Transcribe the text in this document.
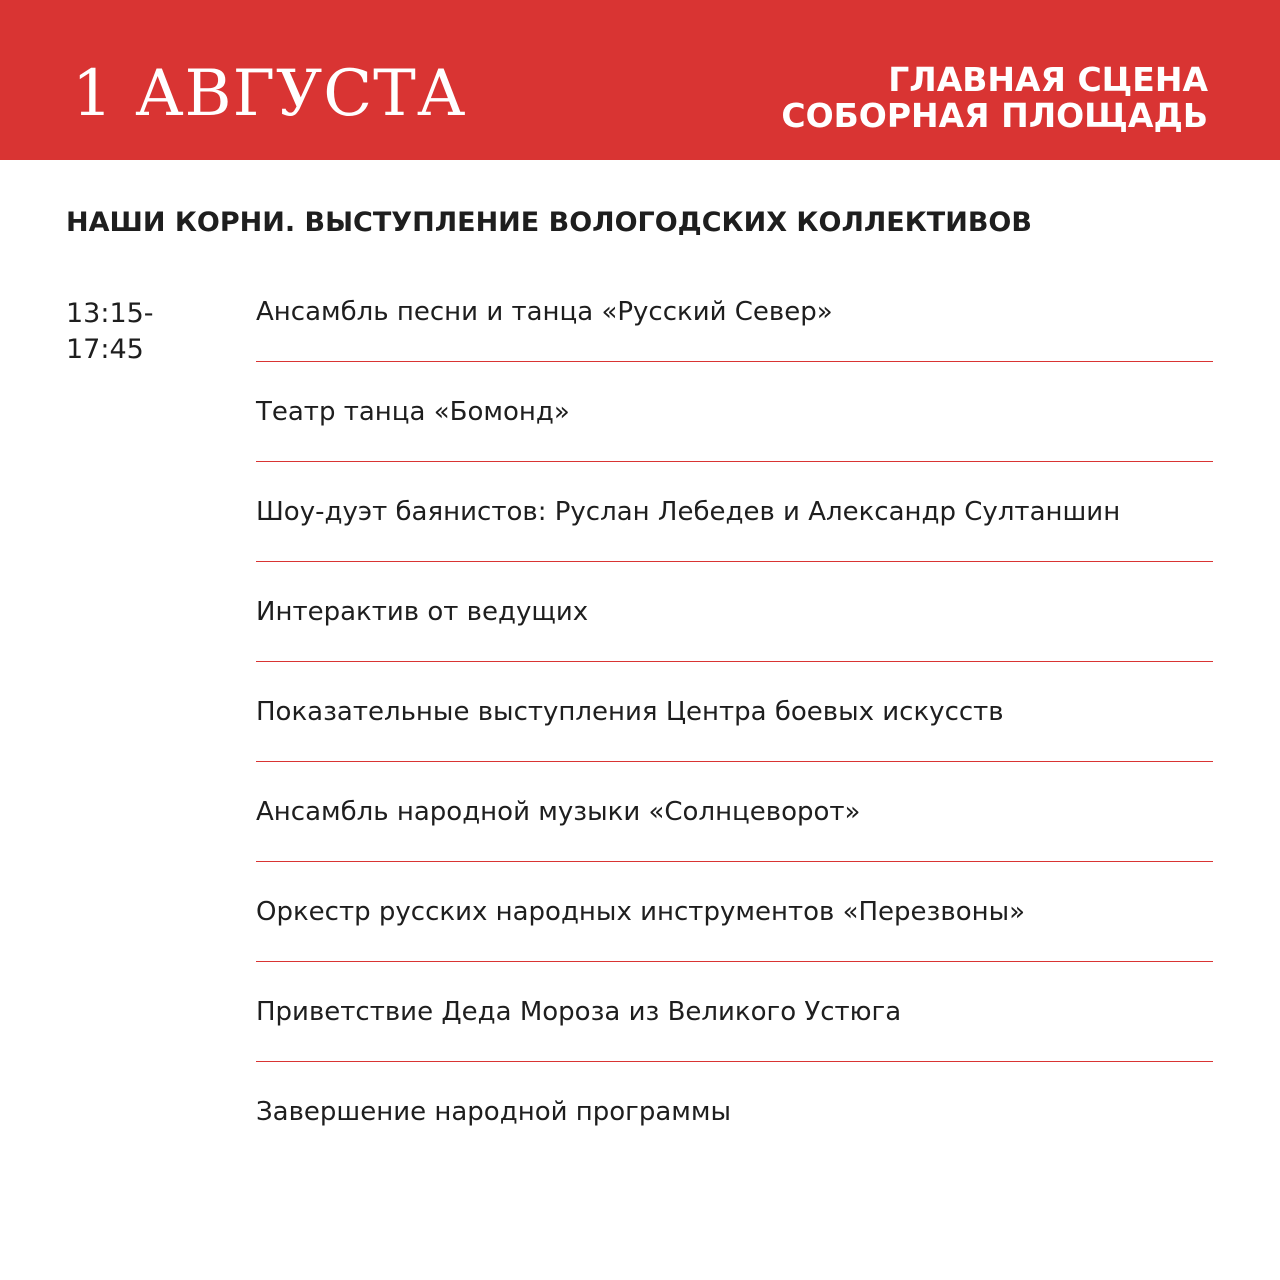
1 АВГУСТА	ГЛАВНАЯ СЦЕНА
СОБОРНАЯ ПЛОЩАДЬ
НАШИ КОРНИ. ВЫСТУПЛЕНИЕ ВОЛОГОДСКИХ КОЛЛЕКТИВОВ
13:15-
17:45
Ансамбль песни и танца «Русский Север»
Театр танца «Бомонд»
Шоу-дуэт баянистов: Руслан Лебедев и Александр Султаншин
Интерактив от ведущих
Показательные выступления Центра боевых искусств
Ансамбль народной музыки «Солнцеворот»
Оркестр русских народных инструментов «Перезвоны»
Приветствие Деда Мороза из Великого Устюга
Завершение народной программы
